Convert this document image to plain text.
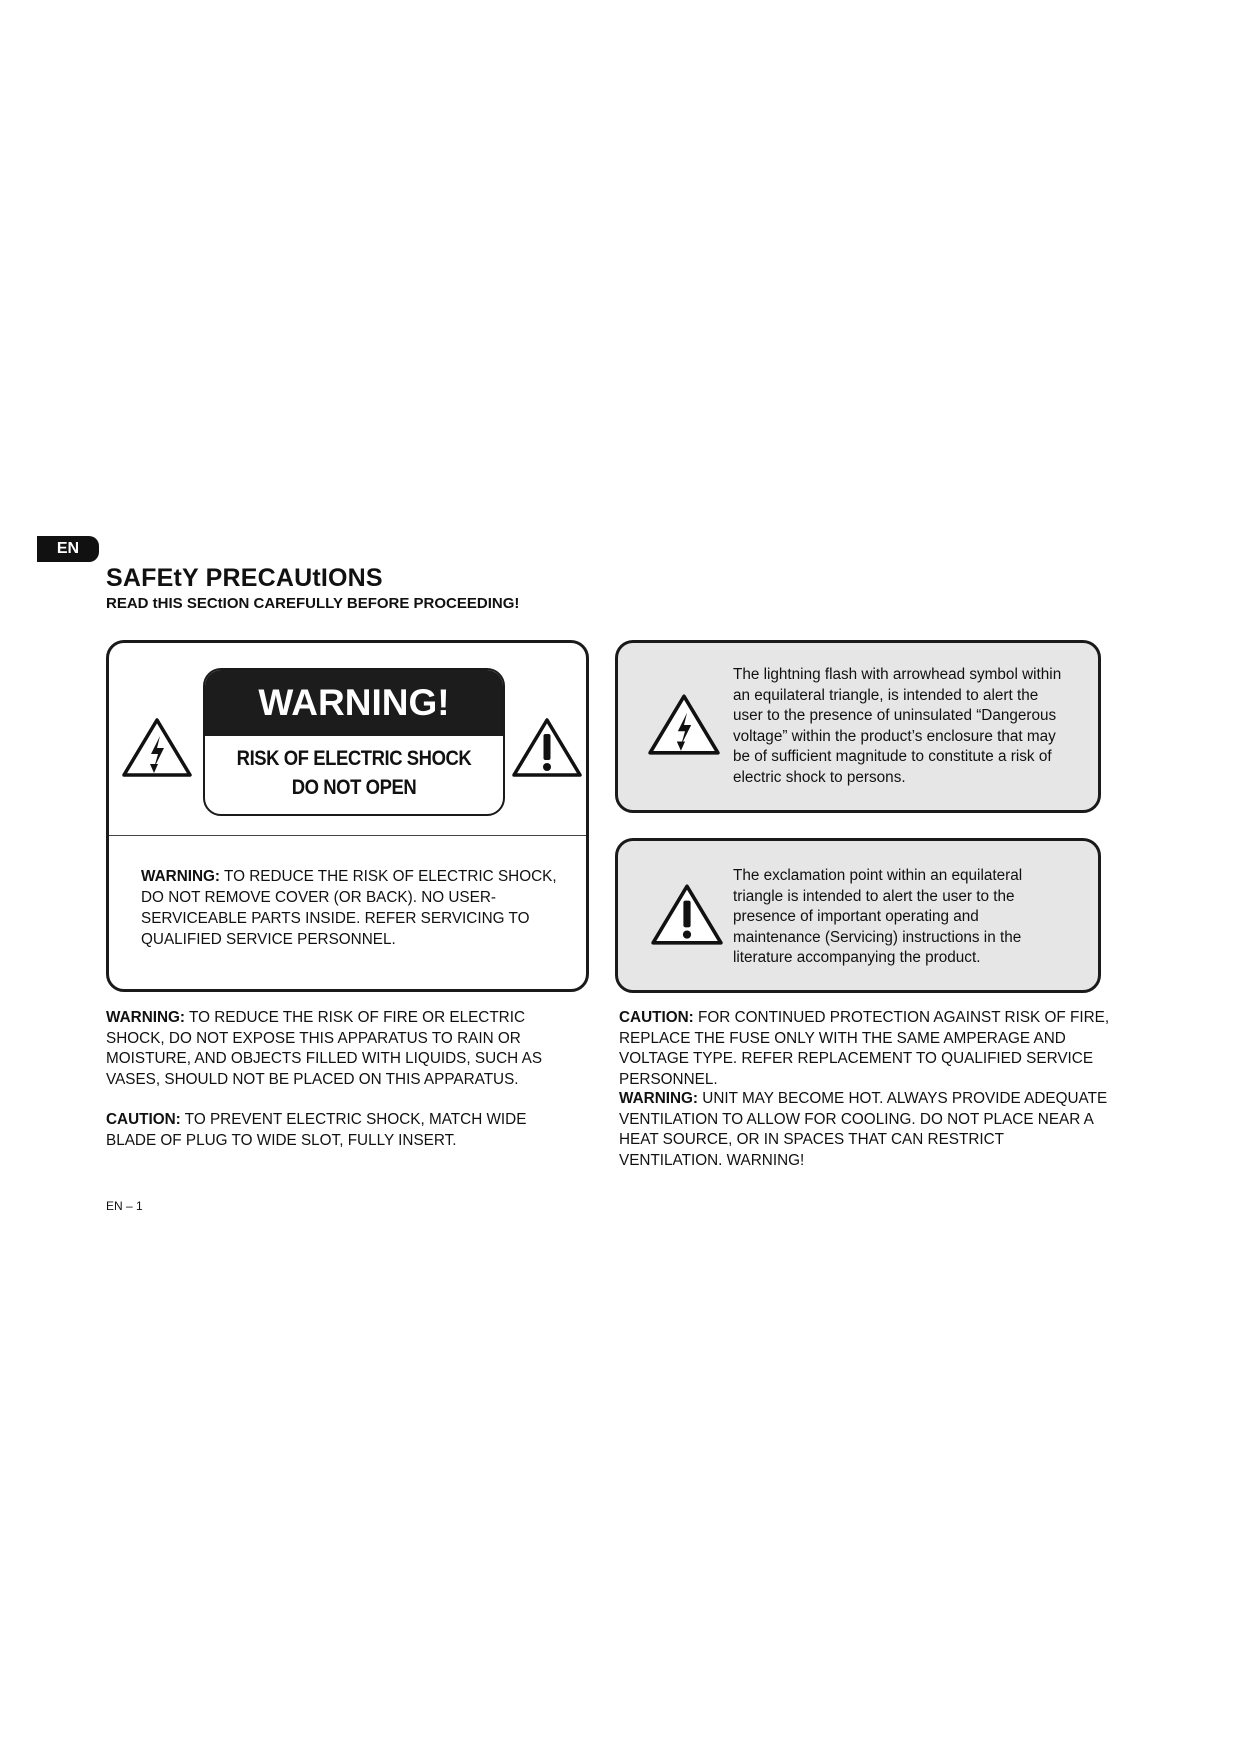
EN
SAFEtY PRECAUtIONS
READ tHIS SECtION CAREFULLY BEFORE PROCEEDING!
WARNING!
RISK OF ELECTRIC SHOCK
DO NOT OPEN
WARNING: TO REDUCE THE RISK OF ELECTRIC SHOCK, DO NOT REMOVE COVER (OR BACK). NO USER-SERVICEABLE PARTS INSIDE. REFER SERVICING TO QUALIFIED SERVICE PERSONNEL.
The lightning flash with arrowhead symbol within an equilateral triangle, is intended to alert the user to the presence of uninsulated “Dangerous voltage” within the product’s enclosure that may be of sufficient magnitude to constitute a risk of electric shock to persons.
The exclamation point within an equilateral triangle is intended to alert the user to the presence of important operating and maintenance (Servicing) instructions in the literature accompanying the product.
WARNING: TO REDUCE THE RISK OF FIRE OR ELECTRIC SHOCK, DO NOT EXPOSE THIS APPARATUS TO RAIN OR MOISTURE, AND OBJECTS FILLED WITH LIQUIDS, SUCH AS VASES, SHOULD NOT BE PLACED ON THIS APPARATUS.
CAUTION: TO PREVENT ELECTRIC SHOCK, MATCH WIDE BLADE OF PLUG TO WIDE SLOT, FULLY INSERT.
CAUTION: FOR CONTINUED PROTECTION AGAINST RISK OF FIRE, REPLACE THE FUSE ONLY WITH THE SAME AMPERAGE AND VOLTAGE TYPE. REFER REPLACEMENT TO QUALIFIED SERVICE PERSONNEL.
WARNING: UNIT MAY BECOME HOT. ALWAYS PROVIDE ADEQUATE VENTILATION TO ALLOW FOR COOLING. DO NOT PLACE NEAR A HEAT SOURCE, OR IN SPACES THAT CAN RESTRICT VENTILATION. WARNING!
EN – 1
